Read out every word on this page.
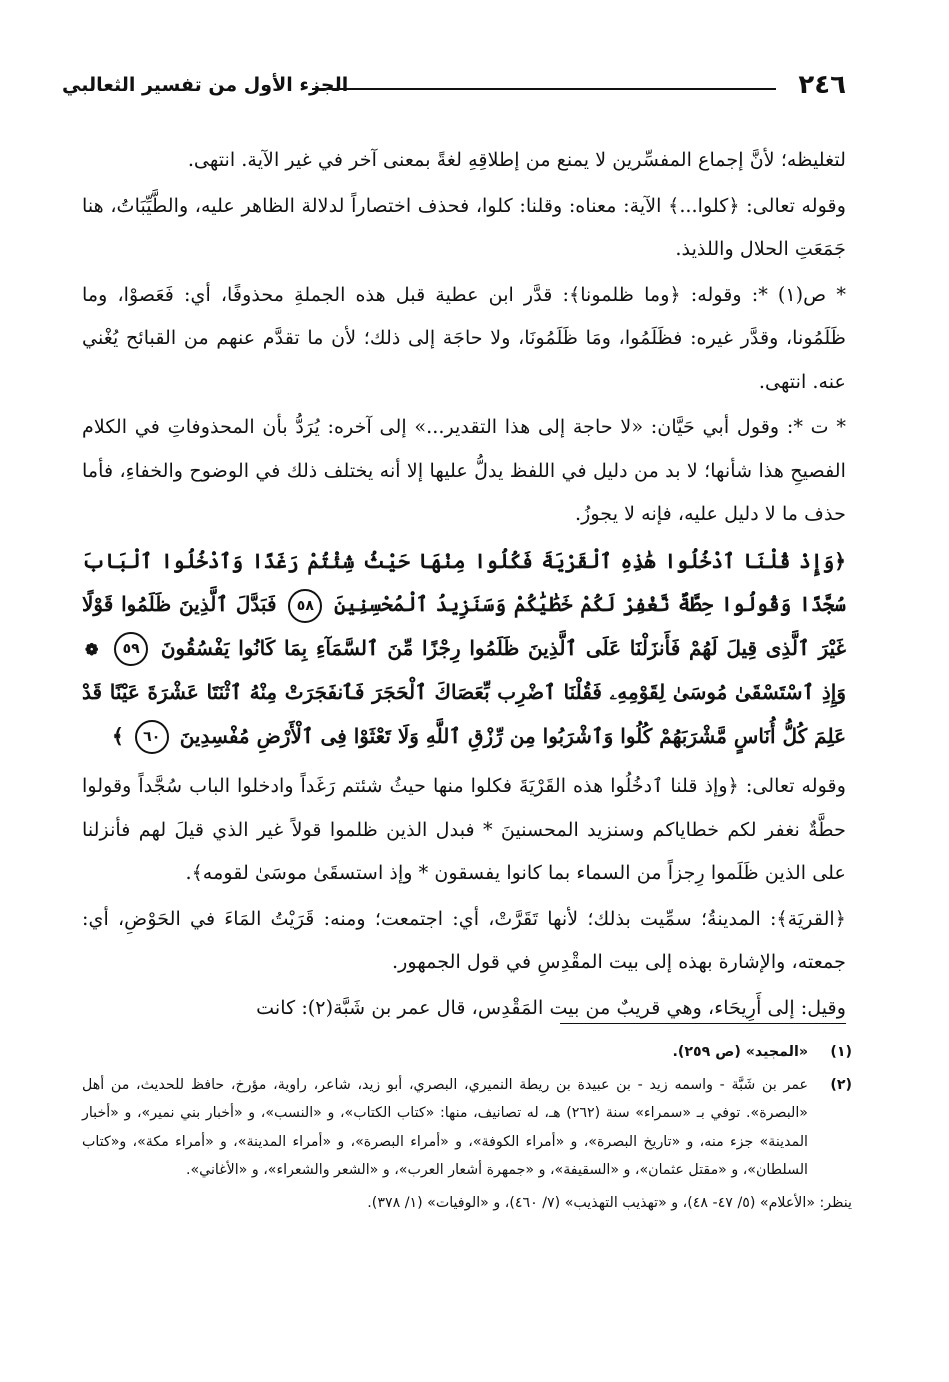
٢٤٦
الجزء الأول من تفسير الثعالبي

لتغليظه؛ لأنَّ إجماع المفسِّرين لا يمنع من إطلاقِهِ لغةً بمعنى آخر في غير الآية. انتهى.

وقوله تعالى: ﴿كلوا...﴾ الآية: معناه: وقلنا: كلوا، فحذف اختصاراً لدلالة الظاهر عليه، والطَّيِّبَاتُ، هنا جَمَعَتِ الحلال واللذيذ.

* ص(١) *: وقوله: ﴿وما ظلمونا﴾: قدَّر ابن عطية قبل هذه الجملةِ محذوفًا، أي: فَعَصوْا، وما ظَلَمُونا، وقدَّر غيره: فظَلَمُوا، ومَا ظَلَمُونَا، ولا حاجَة إلى ذلك؛ لأن ما تقدَّم عنهم من القبائح يُغْني عنه. انتهى.

* ت *: وقول أبي حَيَّان: «لا حاجة إلى هذا التقدير...» إلى آخره: يُرَدُّ بأن المحذوفاتِ في الكلام الفصيحِ هذا شأنها؛ لا بد من دليل في اللفظ يدلُّ عليها إلا أنه يختلف ذلك في الوضوح والخفاءِ، فأما حذف ما لا دليل عليه، فإنه لا يجوزُ.

﴿وَإِذْ قُلْنَا ٱدْخُلُوا هَٰذِهِ ٱلْقَرْيَةَ فَكُلُوا مِنْهَا حَيْثُ شِئْتُمْ رَغَدًا وَٱدْخُلُوا ٱلْبَابَ سُجَّدًا وَقُولُوا حِطَّةٌ نَّغْفِرْ لَكُمْ خَطَٰيَٰكُمْ وَسَنَزِيدُ ٱلْمُحْسِنِينَ ٥٨ فَبَدَّلَ ٱلَّذِينَ ظَلَمُوا قَوْلًا غَيْرَ ٱلَّذِى قِيلَ لَهُمْ فَأَنزَلْنَا عَلَى ٱلَّذِينَ ظَلَمُوا رِجْزًا مِّنَ ٱلسَّمَآءِ بِمَا كَانُوا يَفْسُقُونَ ٥٩ ❁ وَإِذِ ٱسْتَسْقَىٰ مُوسَىٰ لِقَوْمِهِۦ فَقُلْنَا ٱضْرِب بِّعَصَاكَ ٱلْحَجَرَ فَٱنفَجَرَتْ مِنْهُ ٱثْنَتَا عَشْرَةَ عَيْنًا قَدْ عَلِمَ كُلُّ أُنَاسٍ مَّشْرَبَهُمْ كُلُوا وَٱشْرَبُوا مِن رِّزْقِ ٱللَّهِ وَلَا تَعْثَوْا فِى ٱلْأَرْضِ مُفْسِدِينَ ٦٠ ﴾

وقوله تعالى: ﴿وإذ قلنا ٱدخُلُوا هذه القَرْيَةَ فكلوا منها حيثُ شئتم رَغَداً وادخلوا الباب سُجَّداً وقولوا حطَّةٌ نغفر لكم خطاياكم وسنزيد المحسنينَ * فبدل الذين ظلموا قولاً غير الذي قيلَ لهم فأنزلنا على الذين ظَلَموا رِجزاً من السماء بما كانوا يفسقون * وإذ استسقَىٰ موسَىٰ لقومه﴾.

﴿القريَة﴾: المدينةُ؛ سمِّيت بذلك؛ لأنها تَقَرَّتْ، أي: اجتمعت؛ ومنه: قَرَيْتُ المَاءَ في الحَوْضِ، أي: جمعته، والإشارة بهذه إلى بيت المقْدِسِ في قول الجمهور.

وقيل: إلى أَرِيحَاء، وهي قريبٌ من بيت المَقْدِس، قال عمر بن شَبَّة(٢): كانت

(١)
«المجيد» (ص ٢٥٩).
(٢)
عمر بن شَبَّة - واسمه زيد - بن عبيدة بن ريطة النميري، البصري، أبو زيد، شاعر، راوية، مؤرخ، حافظ للحديث، من أهل «البصرة». توفي بـ «سمراء» سنة (٢٦٢) هـ، له تصانيف، منها: «كتاب الكتاب»، و «النسب»، و «أخبار بني نمير»، و «أخبار المدينة» جزء منه، و «تاريخ البصرة»، و «أمراء الكوفة»، و «أمراء البصرة»، و «أمراء المدينة»، و «أمراء مكة»، و«كتاب السلطان»، و «مقتل عثمان»، و «السقيفة»، و «جمهرة أشعار العرب»، و «الشعر والشعراء»، و «الأغاني».
ينظر: «الأعلام» (٥/ ٤٧- ٤٨)، و «تهذيب التهذيب» (٧/ ٤٦٠)، و «الوفيات» (١/ ٣٧٨).
